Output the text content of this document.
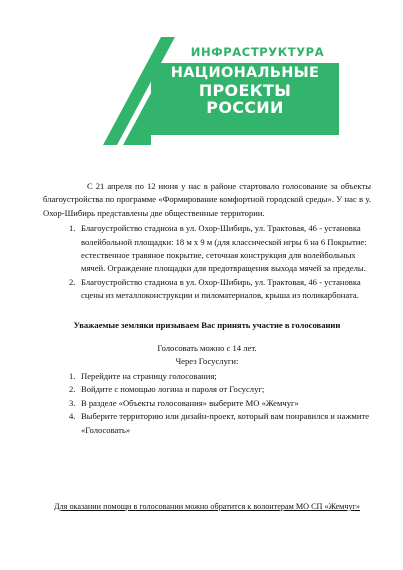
ИНФРАСТРУКТУРА
НАЦИОНАЛЬНЫЕ
ПРОЕКТЫ
РОССИИ

С 21 апреля по 12 июня у нас в районе стартовало голосование за объекты благоустройства по программе «Формирование комфортной городской среды». У нас в у. Охор-Шибирь представлены две общественные территории.

1. Благоустройство стадиона в ул. Охор-Шибирь, ул. Трактовая, 46 - установка волейбольной площадки: 18 м х 9 м (для классической игры 6 на 6 Покрытие: естественное травяное покрытие, сеточная конструкция для волейбольных мячей. Ограждение площадки для предотвращения выхода мячей за пределы.
2. Благоустройство стадиона в ул. Охор-Шибирь, ул. Трактовая, 46 - установка сцены из металлоконструкции и пиломатериалов, крыша из поликарбоната.

Уважаемые земляки призываем Вас принять участие в голосовании

Голосовать можно с 14 лет.

Через Госуслуги:

1. Перейдите на страницу голосования;
2. Войдите с помощью логина и пароля от Госуслуг;
3. В разделе «Объекты голосования» выберите МО «Жемчуг»
4. Выберите территорию или дизайн-проект, который вам понравился и нажмите «Голосовать»
Для оказании помощи в голосовании можно обратится к волонтерам МО СП «Жемчуг»
